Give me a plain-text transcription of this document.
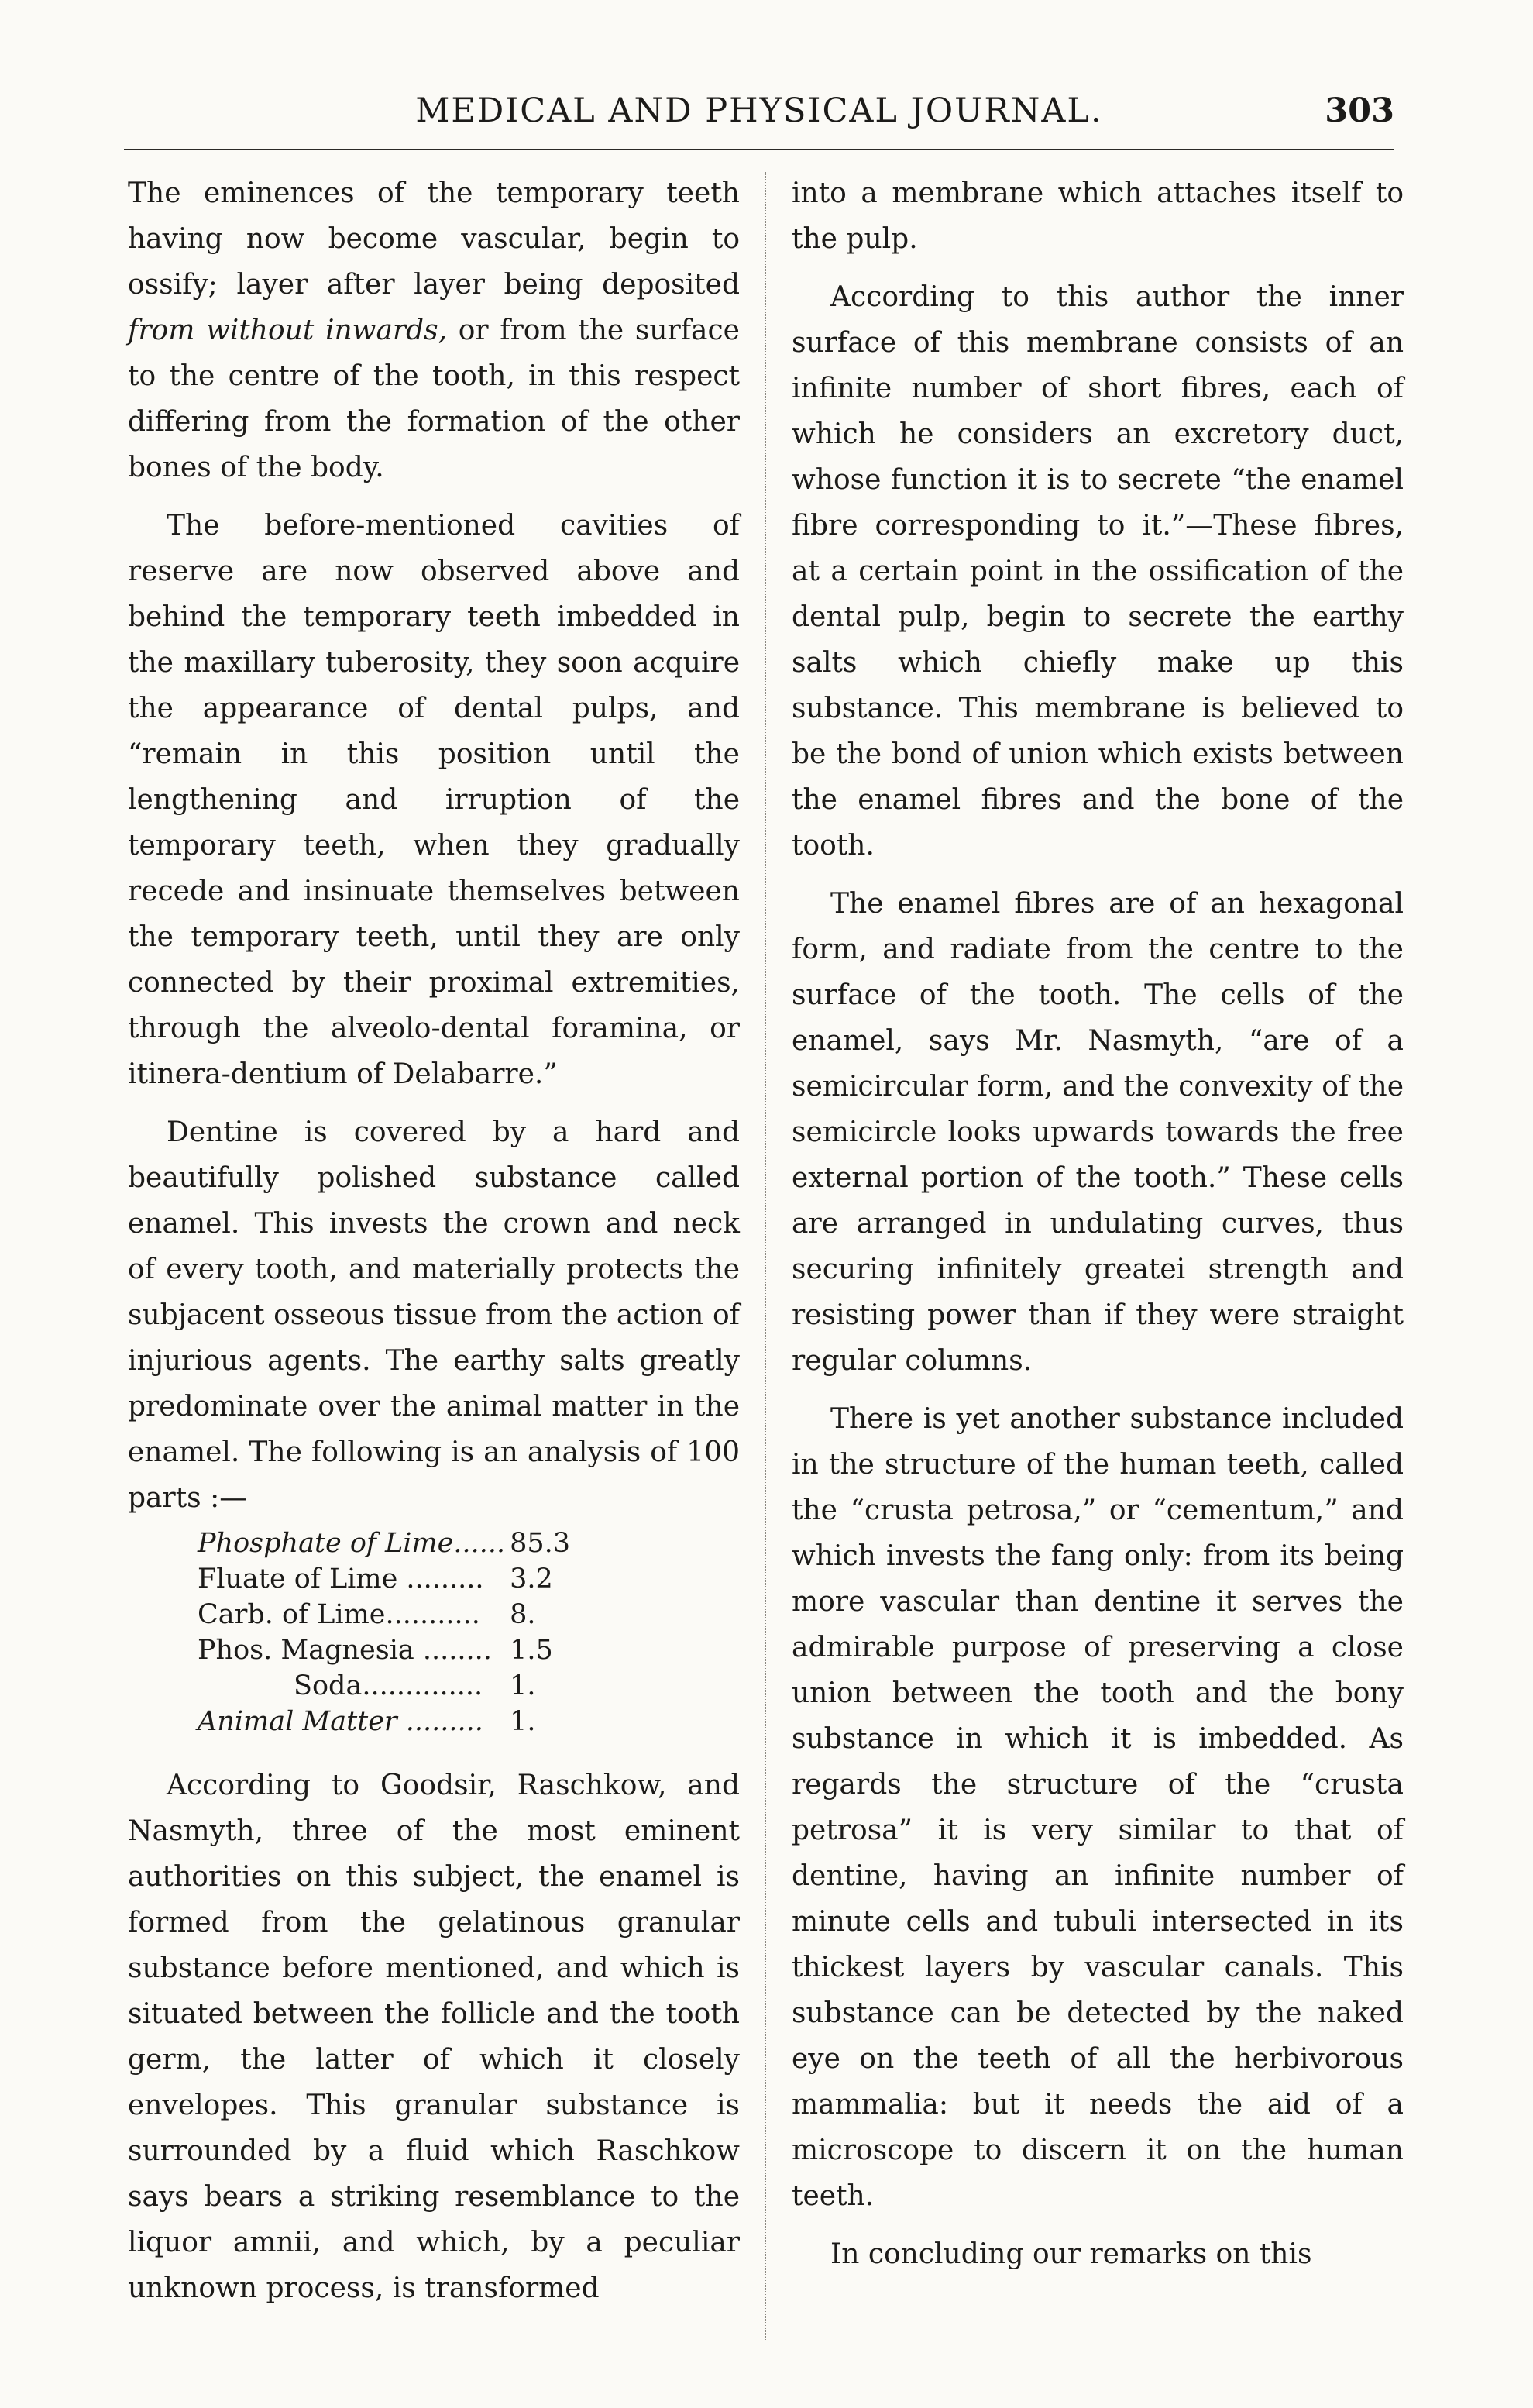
MEDICAL AND PHYSICAL JOURNAL.	303

The eminences of the temporary teeth having now become vascular, begin to ossify; layer after layer being deposited from without inwards, or from the surface to the centre of the tooth, in this respect differing from the formation of the other bones of the body.

The before-mentioned cavities of reserve are now observed above and behind the temporary teeth imbedded in the maxillary tuberosity, they soon acquire the appearance of dental pulps, and “remain in this position until the lengthening and irruption of the temporary teeth, when they gradually recede and insinuate themselves between the temporary teeth, until they are only connected by their proximal extremities, through the alveolo-dental foramina, or itinera-dentium of Delabarre.”

Dentine is covered by a hard and beautifully polished substance called enamel. This invests the crown and neck of every tooth, and materially protects the subjacent osseous tissue from the action of injurious agents. The earthy salts greatly predominate over the animal matter in the enamel. The following is an analysis of 100 parts :—

Phosphate of Lime......	85.3
Fluate of Lime .........	3.2
Carb. of Lime...........	8.
Phos. Magnesia ........	1.5
Soda..............	1.
Animal Matter .........	1.

According to Goodsir, Raschkow, and Nasmyth, three of the most eminent authorities on this subject, the enamel is formed from the gelatinous granular substance before mentioned, and which is situated between the follicle and the tooth germ, the latter of which it closely envelopes. This granular substance is surrounded by a fluid which Raschkow says bears a striking resemblance to the liquor amnii, and which, by a peculiar unknown process, is transformed

into a membrane which attaches itself to the pulp.

According to this author the inner surface of this membrane consists of an infinite number of short fibres, each of which he considers an excretory duct, whose function it is to secrete “the enamel fibre corresponding to it.”—These fibres, at a certain point in the ossification of the dental pulp, begin to secrete the earthy salts which chiefly make up this substance. This membrane is believed to be the bond of union which exists between the enamel fibres and the bone of the tooth.

The enamel fibres are of an hexagonal form, and radiate from the centre to the surface of the tooth. The cells of the enamel, says Mr. Nasmyth, “are of a semicircular form, and the convexity of the semicircle looks upwards towards the free external portion of the tooth.” These cells are arranged in undulating curves, thus securing infinitely greatei strength and resisting power than if they were straight regular columns.

There is yet another substance included in the structure of the human teeth, called the “crusta petrosa,” or “cementum,” and which invests the fang only: from its being more vascular than dentine it serves the admirable purpose of preserving a close union between the tooth and the bony substance in which it is imbedded. As regards the structure of the “crusta petrosa” it is very similar to that of dentine, having an infinite number of minute cells and tubuli intersected in its thickest layers by vascular canals. This substance can be detected by the naked eye on the teeth of all the herbivorous mammalia: but it needs the aid of a microscope to discern it on the human teeth.

In concluding our remarks on this
